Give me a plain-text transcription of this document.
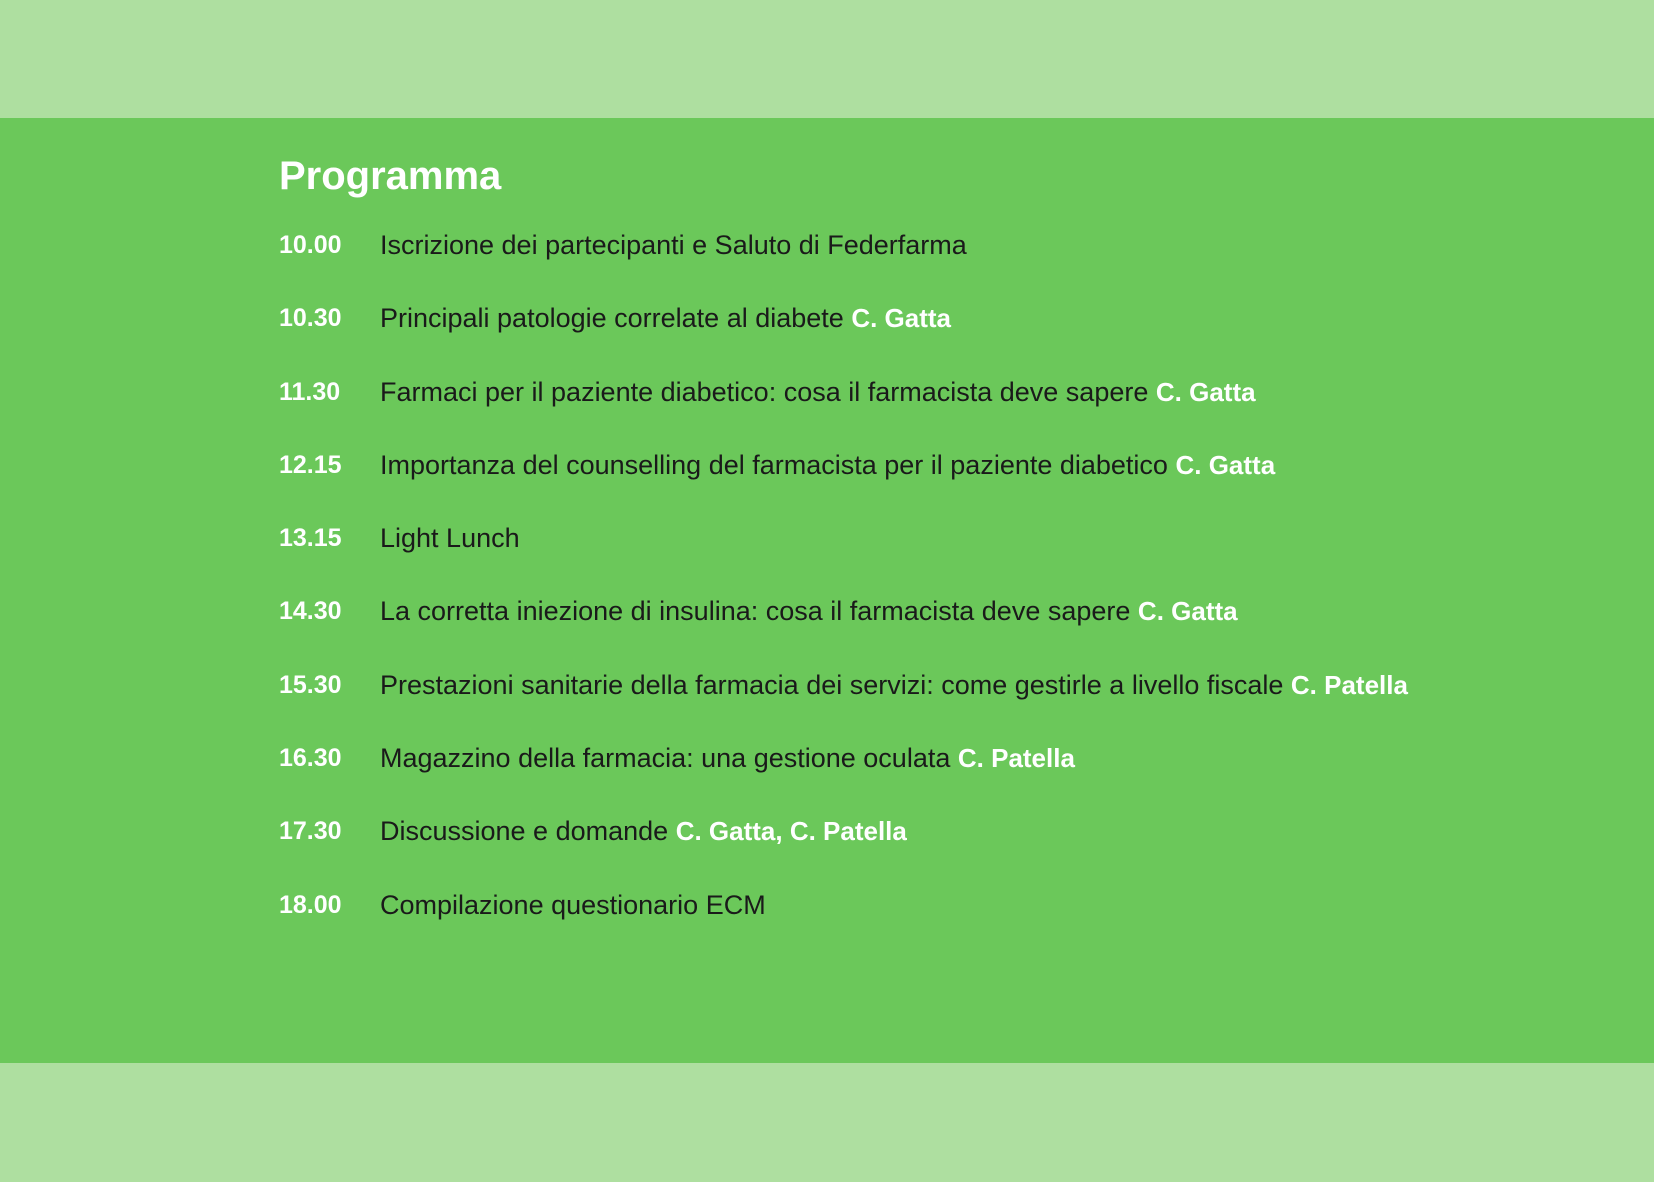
Programma
10.00	Iscrizione dei partecipanti e Saluto di Federfarma
10.30	Principali patologie correlate al diabete C. Gatta
11.30	Farmaci per il paziente diabetico: cosa il farmacista deve sapere C. Gatta
12.15	Importanza del counselling del farmacista per il paziente diabetico C. Gatta
13.15	Light Lunch
14.30	La corretta iniezione di insulina: cosa il farmacista deve sapere C. Gatta
15.30	Prestazioni sanitarie della farmacia dei servizi: come gestirle a livello fiscale C. Patella
16.30	Magazzino della farmacia: una gestione oculata C. Patella
17.30	Discussione e domande C. Gatta, C. Patella
18.00	Compilazione questionario ECM
